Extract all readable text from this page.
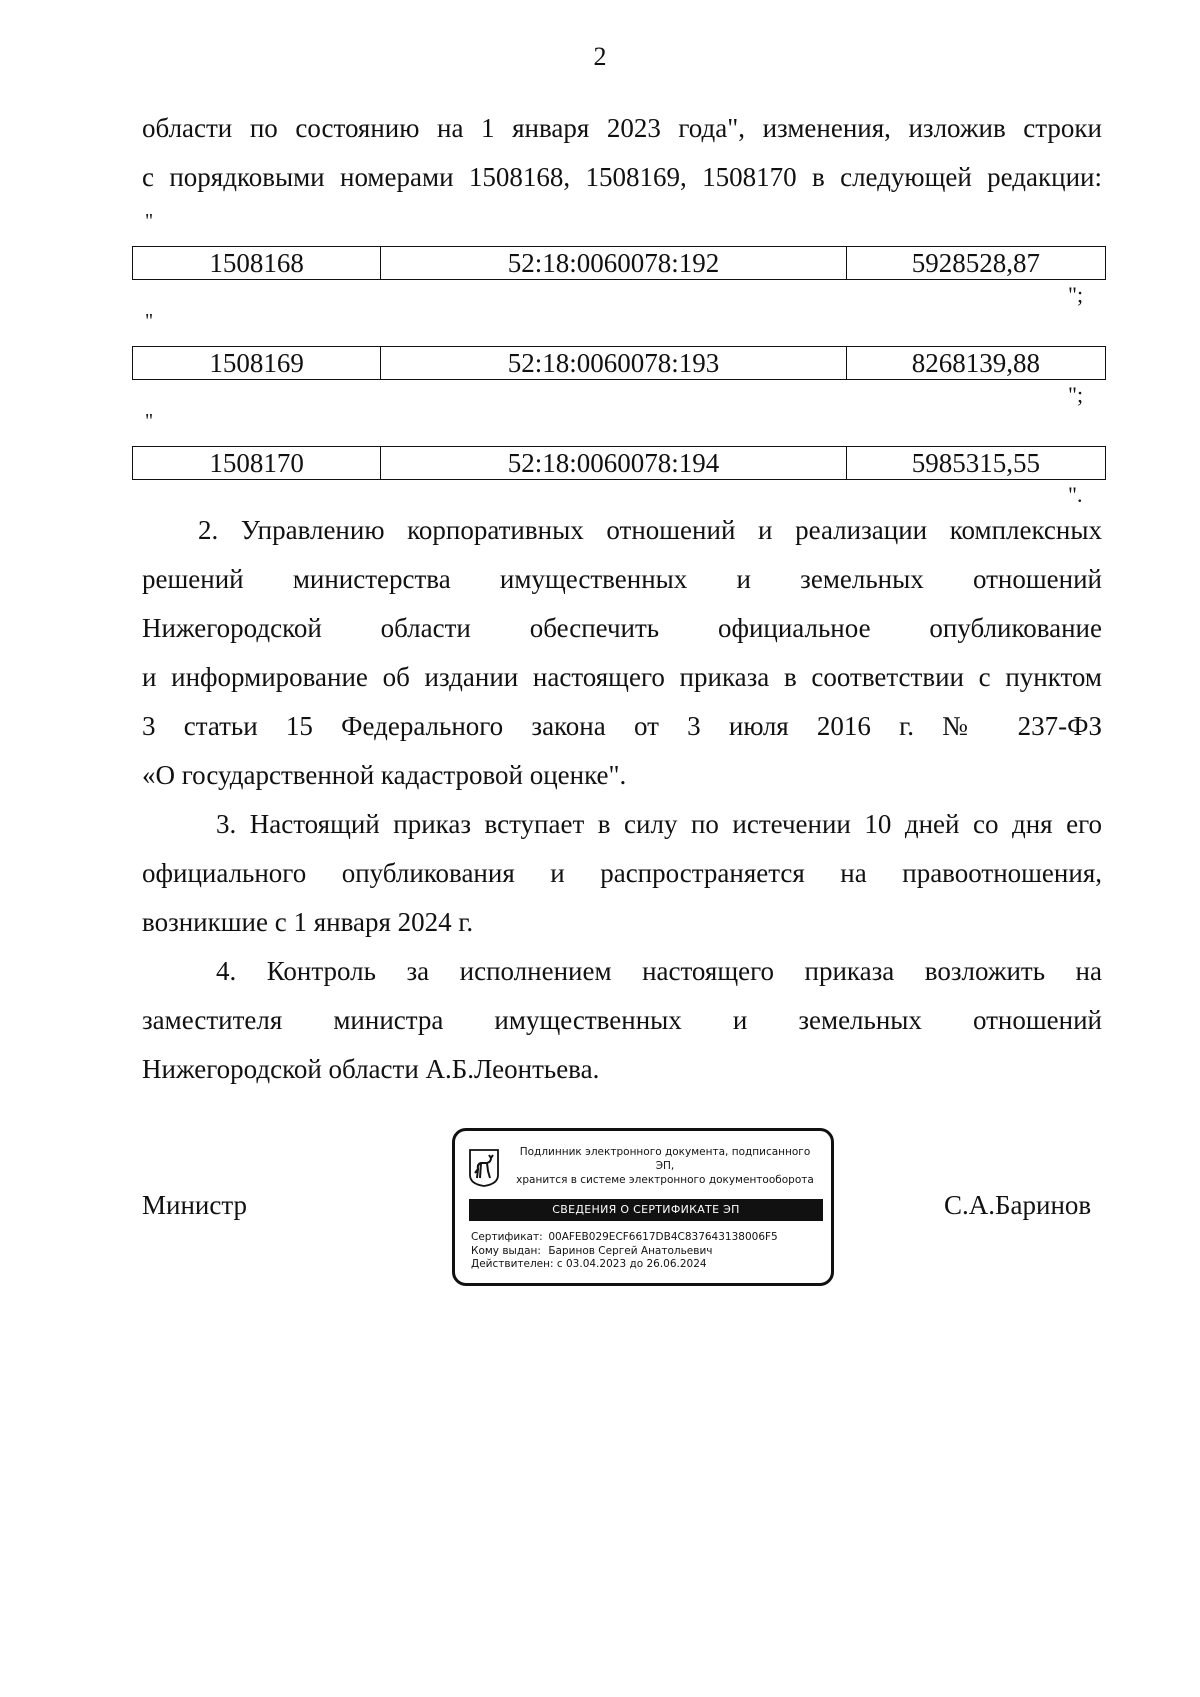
2
области по состоянию на 1 января 2023 года", изменения, изложив строки
с порядковыми номерами 1508168, 1508169, 1508170 в следующей редакции:
"
1508168	52:18:0060078:192	5928528,87
";
"
1508169	52:18:0060078:193	8268139,88
";
"
1508170	52:18:0060078:194	5985315,55
".
2. Управлению корпоративных отношений и реализации комплексных
решений министерства имущественных и земельных отношений
Нижегородской области обеспечить официальное опубликование
и информирование об издании настоящего приказа в соответствии с пунктом
3 статьи 15 Федерального закона от 3 июля 2016 г. № 237-ФЗ
«О государственной кадастровой оценке".
3. Настоящий приказ вступает в силу по истечении 10 дней со дня его
официального опубликования и распространяется на правоотношения,
возникшие с 1 января 2024 г.
4. Контроль за исполнением настоящего приказа возложить на
заместителя министра имущественных и земельных отношений
Нижегородской области А.Б.Леонтьева.
Министр	С.А.Баринов
Подлинник электронного документа, подписанного ЭП,
хранится в системе электронного документооборота
СВЕДЕНИЯ О СЕРТИФИКАТЕ ЭП
Сертификат: 00AFEB029ECF6617DB4C837643138006F5
Кому выдан: Баринов Сергей Анатольевич
Действителен: с 03.04.2023 до 26.06.2024
